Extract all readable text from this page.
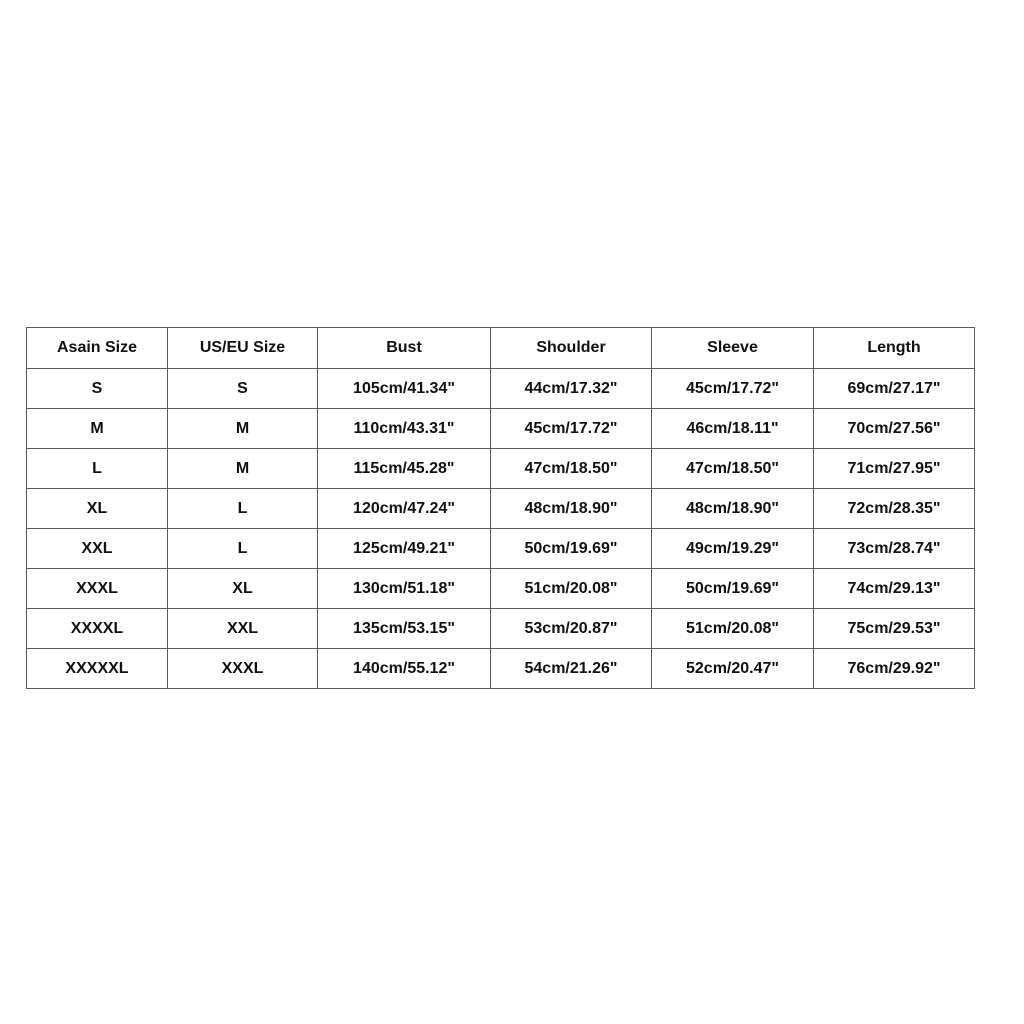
Asain Size	US/EU Size	Bust	Shoulder	Sleeve	Length
S	S	105cm/41.34"	44cm/17.32"	45cm/17.72"	69cm/27.17"
M	M	110cm/43.31"	45cm/17.72"	46cm/18.11"	70cm/27.56"
L	M	115cm/45.28"	47cm/18.50"	47cm/18.50"	71cm/27.95"
XL	L	120cm/47.24"	48cm/18.90"	48cm/18.90"	72cm/28.35"
XXL	L	125cm/49.21"	50cm/19.69"	49cm/19.29"	73cm/28.74"
XXXL	XL	130cm/51.18"	51cm/20.08"	50cm/19.69"	74cm/29.13"
XXXXL	XXL	135cm/53.15"	53cm/20.87"	51cm/20.08"	75cm/29.53"
XXXXXL	XXXL	140cm/55.12"	54cm/21.26"	52cm/20.47"	76cm/29.92"
